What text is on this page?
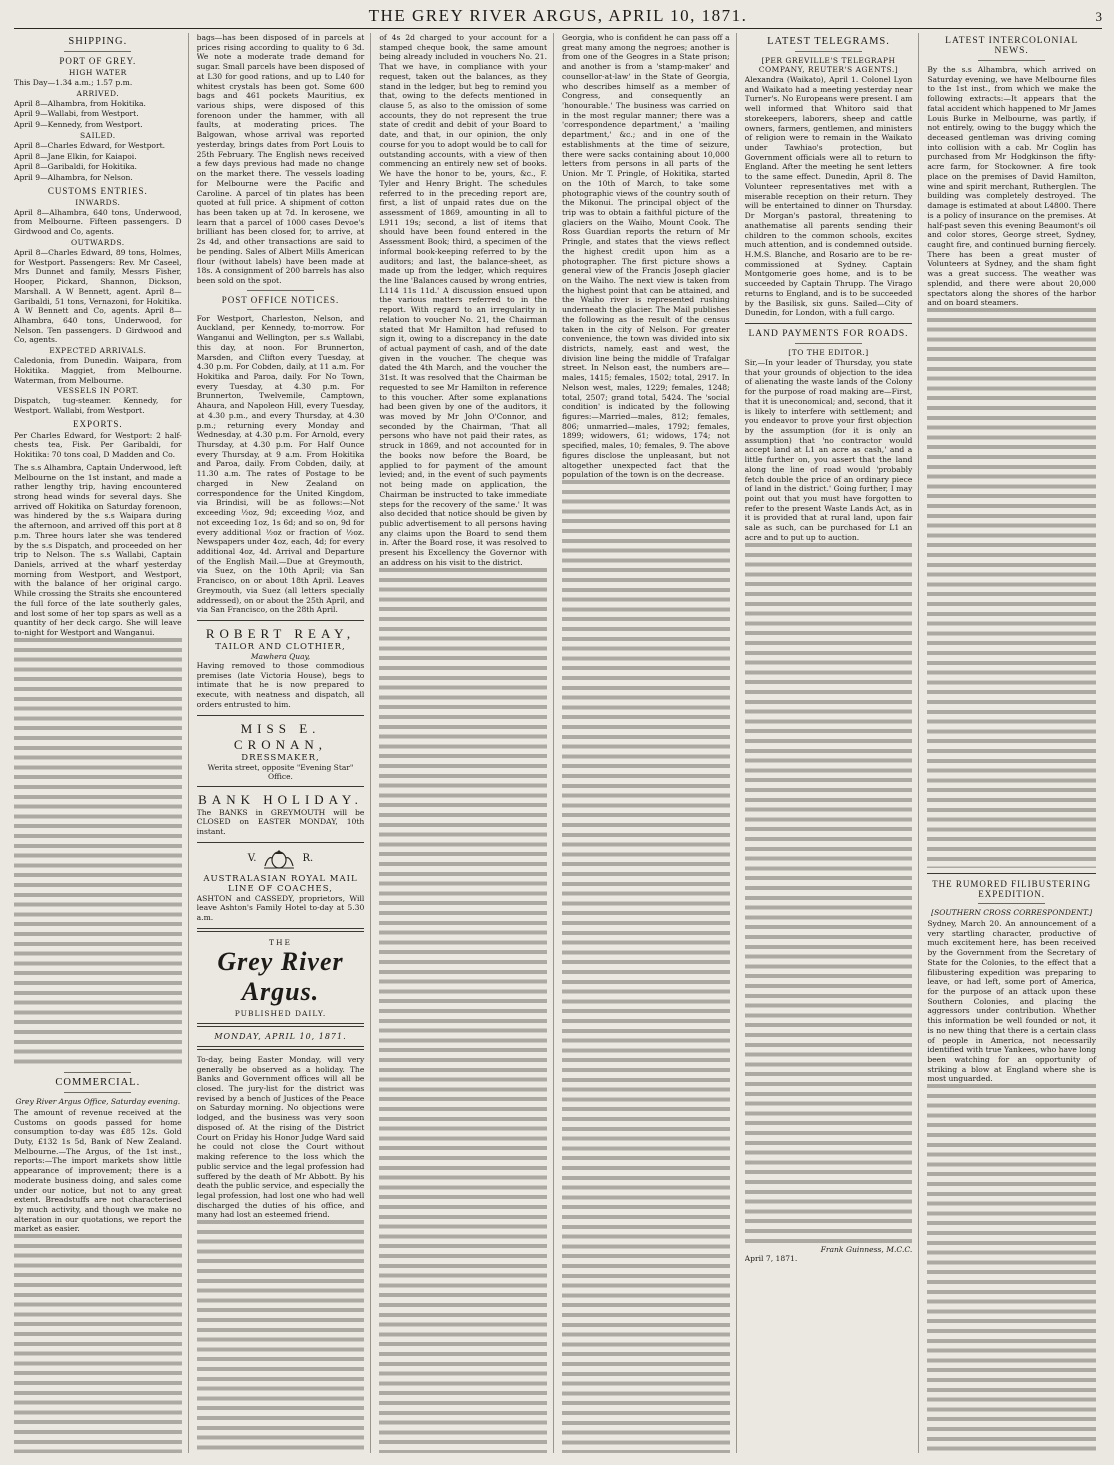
THE GREY RIVER ARGUS, APRIL 10, 1871.	3
SHIPPING.
PORT OF GREY.
HIGH WATER
This Day—1.34 a.m.; 1.57 p.m.
ARRIVED.

April 8—Alhambra, from Hokitika.

April 9—Wallabi, from Westport.

April 9—Kennedy, from Westport.

SAILED.

April 8—Charles Edward, for Westport.

April 8—Jane Elkin, for Kaiapoi.

April 8—Garibaldi, for Hokitika.

April 9—Alhambra, for Nelson.

CUSTOMS ENTRIES.
INWARDS.
April 8—Alhambra, 640 tons, Underwood, from Melbourne. Fifteen passengers. D Girdwood and Co, agents.
OUTWARDS.
April 8—Charles Edward, 89 tons, Holmes, for Westport. Passengers: Rev. Mr Caseel, Mrs Dunnet and family, Messrs Fisher, Hooper, Pickard, Shannon, Dickson, Marshall. A W Bennett, agent. April 8—Garibaldi, 51 tons, Vernazoni, for Hokitika. A W Bennett and Co, agents. April 8—Alhambra, 640 tons, Underwood, for Nelson. Ten passengers. D Girdwood and Co, agents.
EXPECTED ARRIVALS.
Caledonia, from Dunedin. Waipara, from Hokitika. Maggiet, from Melbourne. Waterman, from Melbourne.
VESSELS IN PORT.
Dispatch, tug-steamer. Kennedy, for Westport. Wallabi, from Westport.
EXPORTS.
Per Charles Edward, for Westport: 2 half-chests tea, Fisk. Per Garibaldi, for Hokitika: 70 tons coal, D Madden and Co.
The s.s Alhambra, Captain Underwood, left Melbourne on the 1st instant, and made a rather lengthy trip, having encountered strong head winds for several days. She arrived off Hokitika on Saturday forenoon, was hindered by the s.s Waipara during the afternoon, and arrived off this port at 8 p.m. Three hours later she was tendered by the s.s Dispatch, and proceeded on her trip to Nelson. The s.s Wallabi, Captain Daniels, arrived at the wharf yesterday morning from Westport, and Westport, with the balance of her original cargo. While crossing the Straits she encountered the full force of the late southerly gales, and lost some of her top spars as well as a quantity of her deck cargo. She will leave to-night for Westport and Wanganui.
COMMERCIAL.
Grey River Argus Office, Saturday evening.
The amount of revenue received at the Customs on goods passed for home consumption to-day was £85 12s. Gold Duty, £132 1s 5d, Bank of New Zealand. Melbourne.—The Argus, of the 1st inst., reports:—The import markets show little appearance of improvement; there is a moderate business doing, and sales come under our notice, but not to any great extent. Breadstuffs are not characterised by much activity, and though we make no alteration in our quotations, we report the market as easier.
bags—has been disposed of in parcels at prices rising according to quality to 6 3d. We note a moderate trade demand for sugar. Small parcels have been disposed of at L30 for good rations, and up to L40 for whitest crystals has been got. Some 600 bags and 461 pockets Mauritius, ex various ships, were disposed of this forenoon under the hammer, with all faults, at moderating prices. The Balgowan, whose arrival was reported yesterday, brings dates from Port Louis to 25th February. The English news received a few days previous had made no change on the market there. The vessels loading for Melbourne were the Pacific and Caroline. A parcel of tin plates has been quoted at full price. A shipment of cotton has been taken up at 7d. In kerosene, we learn that a parcel of 1000 cases Devoe's brilliant has been closed for, to arrive, at 2s 4d, and other transactions are said to be pending. Sales of Albert Mills American flour (without labels) have been made at 18s. A consignment of 200 barrels has also been sold on the spot.
POST OFFICE NOTICES.
For Westport, Charleston, Nelson, and Auckland, per Kennedy, to-morrow. For Wanganui and Wellington, per s.s Wallabi, this day, at noon. For Brunnerton, Marsden, and Clifton every Tuesday, at 4.30 p.m. For Cobden, daily, at 11 a.m. For Hokitika and Paroa, daily. For No Town, every Tuesday, at 4.30 p.m. For Brunnerton, Twelvemile, Camptown, Ahaura, and Napoleon Hill, every Tuesday, at 4.30 p.m., and every Thursday, at 4.30 p.m.; returning every Monday and Wednesday, at 4.30 p.m. For Arnold, every Thursday, at 4.30 p.m. For Half Ounce every Thursday, at 9 a.m. From Hokitika and Paroa, daily. From Cobden, daily, at 11.30 a.m. The rates of Postage to be charged in New Zealand on correspondence for the United Kingdom, via Brindisi, will be as follows:—Not exceeding ½oz, 9d; exceeding ½oz, and not exceeding 1oz, 1s 6d; and so on, 9d for every additional ½oz or fraction of ½oz. Newspapers under 4oz, each, 4d; for every additional 4oz, 4d. Arrival and Departure of the English Mail.—Due at Greymouth, via Suez, on the 10th April; via San Francisco, on or about 18th April. Leaves Greymouth, via Suez (all letters specially addressed), on or about the 25th April, and via San Francisco, on the 28th April.
ROBERT REAY,
TAILOR AND CLOTHIER,
Mawhera Quay,
Having removed to those commodious premises (late Victoria House), begs to intimate that he is now prepared to execute, with neatness and dispatch, all orders entrusted to him.
MISS E. CRONAN,
DRESSMAKER,
Werita street, opposite "Evening Star" Office.
BANK HOLIDAY.
The BANKS in GREYMOUTH will be CLOSED on EASTER MONDAY, 10th instant.
V.	R.
AUSTRALASIAN ROYAL MAIL LINE OF COACHES,
ASHTON and CASSEDY, proprietors, Will leave Ashton's Family Hotel to-day at 5.30 a.m.
THE
Grey River Argus.
PUBLISHED DAILY.
MONDAY, APRIL 10, 1871.
To-day, being Easter Monday, will very generally be observed as a holiday. The Banks and Government offices will all be closed. The jury-list for the district was revised by a bench of Justices of the Peace on Saturday morning. No objections were lodged, and the business was very soon disposed of. At the rising of the District Court on Friday his Honor Judge Ward said he could not close the Court without making reference to the loss which the public service and the legal profession had suffered by the death of Mr Abbott. By his death the public service, and especially the legal profession, had lost one who had well discharged the duties of his office, and many had lost an esteemed friend.
of 4s 2d charged to your account for a stamped cheque book, the same amount being already included in vouchers No. 21. That we have, in compliance with your request, taken out the balances, as they stand in the ledger, but beg to remind you that, owing to the defects mentioned in clause 5, as also to the omission of some accounts, they do not represent the true state of credit and debit of your Board to date, and that, in our opinion, the only course for you to adopt would be to call for outstanding accounts, with a view of then commencing an entirely new set of books. We have the honor to be, yours, &c., F. Tyler and Henry Bright. The schedules referred to in the preceding report are, first, a list of unpaid rates due on the assessment of 1869, amounting in all to L911 19s; second, a list of items that should have been found entered in the Assessment Book; third, a specimen of the informal book-keeping referred to by the auditors; and last, the balance-sheet, as made up from the ledger, which requires the line 'Balances caused by wrong entries, L114 11s 11d.' A discussion ensued upon the various matters referred to in the report. With regard to an irregularity in relation to voucher No. 21, the Chairman stated that Mr Hamilton had refused to sign it, owing to a discrepancy in the date of actual payment of cash, and of the date given in the voucher. The cheque was dated the 4th March, and the voucher the 31st. It was resolved that the Chairman be requested to see Mr Hamilton in reference to this voucher. After some explanations had been given by one of the auditors, it was moved by Mr John O'Connor, and seconded by the Chairman, 'That all persons who have not paid their rates, as struck in 1869, and not accounted for in the books now before the Board, be applied to for payment of the amount levied; and, in the event of such payments not being made on application, the Chairman be instructed to take immediate steps for the recovery of the same.' It was also decided that notice should be given by public advertisement to all persons having any claims upon the Board to send them in. After the Board rose, it was resolved to present his Excellency the Governor with an address on his visit to the district.
Georgia, who is confident he can pass off a great many among the negroes; another is from one of the Geogres in a State prison; and another is from a 'stamp-maker' and counsellor-at-law' in the State of Georgia, who describes himself as a member of Congress, and consequently an 'honourable.' The business was carried on in the most regular manner; there was a 'correspondence department,' a 'mailing department,' &c.; and in one of the establishments at the time of seizure, there were sacks containing about 10,000 letters from persons in all parts of the Union. Mr T. Pringle, of Hokitika, started on the 10th of March, to take some photographic views of the country south of the Mikonui. The principal object of the trip was to obtain a faithful picture of the glaciers on the Waiho, Mount Cook. The Ross Guardian reports the return of Mr Pringle, and states that the views reflect the highest credit upon him as a photographer. The first picture shows a general view of the Francis Joseph glacier on the Waiho. The next view is taken from the highest point that can be attained, and the Waiho river is represented rushing underneath the glacier. The Mail publishes the following as the result of the census taken in the city of Nelson. For greater convenience, the town was divided into six districts, namely, east and west, the division line being the middle of Trafalgar street. In Nelson east, the numbers are—males, 1415; females, 1502; total, 2917. In Nelson west, males, 1229; females, 1248; total, 2507; grand total, 5424. The 'social condition' is indicated by the following figures:—Married—males, 812; females, 806; unmarried—males, 1792; females, 1899; widowers, 61; widows, 174; not specified, males, 10; females, 9. The above figures disclose the unpleasant, but not altogether unexpected fact that the population of the town is on the decrease.
LATEST TELEGRAMS.
[PER GREVILLE'S TELEGRAPH COMPANY, REUTER'S AGENTS.]
Alexandra (Waikato), April 1. Colonel Lyon and Waikato had a meeting yesterday near Turner's. No Europeans were present. I am well informed that Whitoro said that storekeepers, laborers, sheep and cattle owners, farmers, gentlemen, and ministers of religion were to remain in the Waikato under Tawhiao's protection, but Government officials were all to return to England. After the meeting he sent letters to the same effect. Dunedin, April 8. The Volunteer representatives met with a miserable reception on their return. They will be entertained to dinner on Thursday. Dr Morgan's pastoral, threatening to anathematise all parents sending their children to the common schools, excites much attention, and is condemned outside. H.M.S. Blanche, and Rosario are to be re-commissioned at Sydney. Captain Montgomerie goes home, and is to be succeeded by Captain Thrupp. The Virago returns to England, and is to be succeeded by the Basilisk, six guns. Sailed—City of Dunedin, for London, with a full cargo.
LAND PAYMENTS FOR ROADS.
[TO THE EDITOR.]
Sir,—In your leader of Thursday, you state that your grounds of objection to the idea of alienating the waste lands of the Colony for the purpose of road making are—First, that it is uneconomical; and, second, that it is likely to interfere with settlement; and you endeavor to prove your first objection by the assumption (for it is only an assumption) that 'no contractor would accept land at L1 an acre as cash,' and a little further on, you assert that the land along the line of road would 'probably fetch double the price of an ordinary piece of land in the district.' Going further, I may point out that you must have forgotten to refer to the present Waste Lands Act, as in it is provided that at rural land, upon fair sale as such, can be purchased for L1 an acre and to put up to auction.
Frank Guinness, M.C.C.
April 7, 1871.
LATEST INTERCOLONIAL NEWS.
By the s.s Alhambra, which arrived on Saturday evening, we have Melbourne files to the 1st inst., from which we make the following extracts:—It appears that the fatal accident which happened to Mr James Louis Burke in Melbourne, was partly, if not entirely, owing to the buggy which the deceased gentleman was driving coming into collision with a cab. Mr Coglin has purchased from Mr Hodgkinson the fifty-acre farm, for Stockowner. A fire took place on the premises of David Hamilton, wine and spirit merchant, Rutherglen. The building was completely destroyed. The damage is estimated at about L4800. There is a policy of insurance on the premises. At half-past seven this evening Beaumont's oil and color stores, George street, Sydney, caught fire, and continued burning fiercely. There has been a great muster of Volunteers at Sydney, and the sham fight was a great success. The weather was splendid, and there were about 20,000 spectators along the shores of the harbor and on board steamers.
THE RUMORED FILIBUSTERING EXPEDITION.
[SOUTHERN CROSS CORRESPONDENT.]
Sydney, March 20. An announcement of a very startling character, productive of much excitement here, has been received by the Government from the Secretary of State for the Colonies, to the effect that a filibustering expedition was preparing to leave, or had left, some port of America, for the purpose of an attack upon these Southern Colonies, and placing the aggressors under contribution. Whether this information be well founded or not, it is no new thing that there is a certain class of people in America, not necessarily identified with true Yankees, who have long been watching for an opportunity of striking a blow at England where she is most unguarded.
